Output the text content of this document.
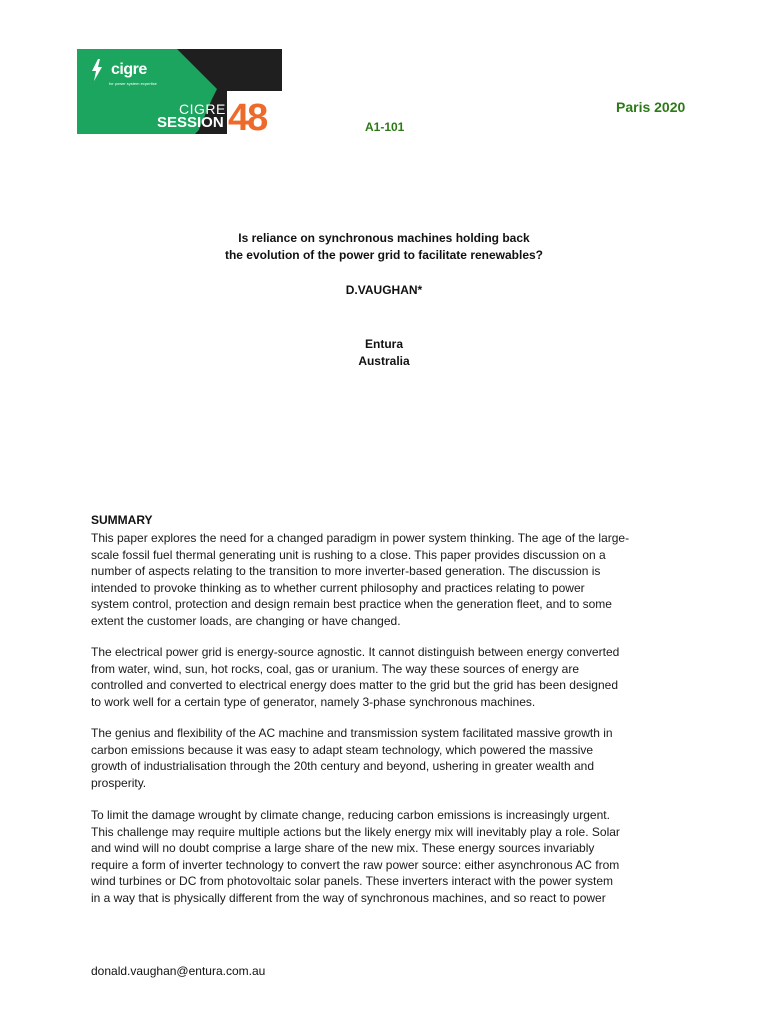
cigre
for power system expertise
CIGRE
SESSION 48	A1-101
Paris 2020
Is reliance on synchronous machines holding back
the evolution of the power grid to facilitate renewables?
D.VAUGHAN*
Entura
Australia
SUMMARY
This paper explores the need for a changed paradigm in power system thinking. The age of the large-
scale fossil fuel thermal generating unit is rushing to a close. This paper provides discussion on a
number of aspects relating to the transition to more inverter-based generation. The discussion is
intended to provoke thinking as to whether current philosophy and practices relating to power
system control, protection and design remain best practice when the generation fleet, and to some
extent the customer loads, are changing or have changed.
The electrical power grid is energy-source agnostic. It cannot distinguish between energy converted
from water, wind, sun, hot rocks, coal, gas or uranium. The way these sources of energy are
controlled and converted to electrical energy does matter to the grid but the grid has been designed
to work well for a certain type of generator, namely 3-phase synchronous machines.
The genius and flexibility of the AC machine and transmission system facilitated massive growth in
carbon emissions because it was easy to adapt steam technology, which powered the massive
growth of industrialisation through the 20th century and beyond, ushering in greater wealth and
prosperity.
To limit the damage wrought by climate change, reducing carbon emissions is increasingly urgent.
This challenge may require multiple actions but the likely energy mix will inevitably play a role. Solar
and wind will no doubt comprise a large share of the new mix. These energy sources invariably
require a form of inverter technology to convert the raw power source: either asynchronous AC from
wind turbines or DC from photovoltaic solar panels. These inverters interact with the power system
in a way that is physically different from the way of synchronous machines, and so react to power
donald.vaughan@entura.com.au
